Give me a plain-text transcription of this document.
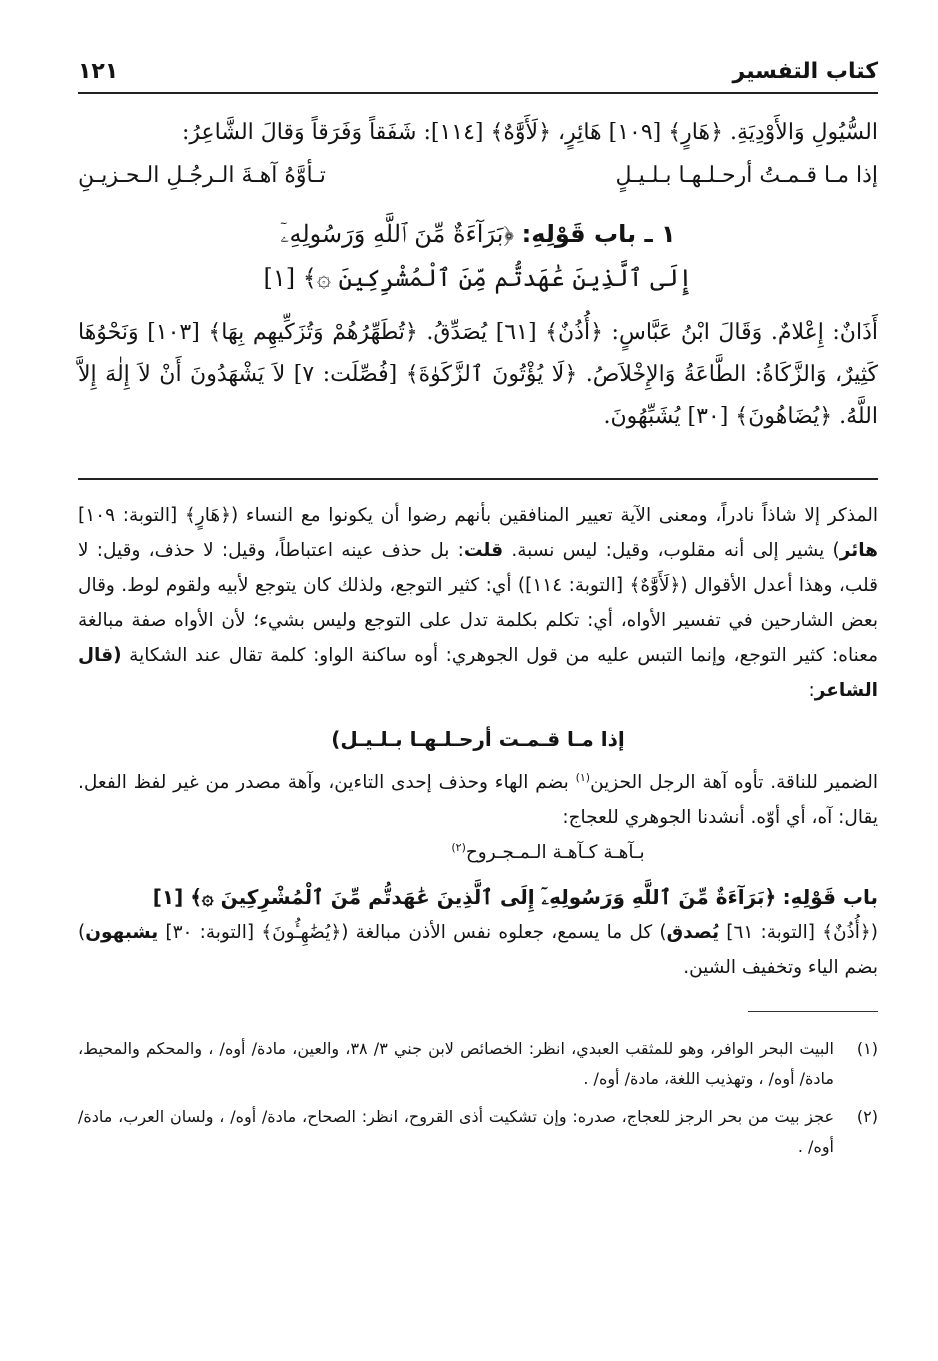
كتاب التفسير
١٢١

السُّيُولِ وَالأَوْدِيَةِ. ﴿هَارٍ﴾ [١٠٩] هَائِرٍ، ﴿لَأَوَّٰهٌ﴾ [١١٤]: شَفَقاً وَفَرَقاً وَقالَ الشَّاعِرُ:

إذا مـا قـمـتُ أرحـلـهـا بـلـيـلٍ
تـأوَّهُ آهـةَ الـرجُـلِ الـحـزيـنِ
١ ـ باب قَوْلِهِ: ﴿بَرَآءَةٌ مِّنَ ٱللَّهِ وَرَسُولِهِۦٓ
إِلَى ٱلَّذِينَ عَٰهَدتُّم مِّنَ ٱلْمُشْرِكِينَ ۞﴾ [١]

أَذَانٌ: إِعْلامٌ. وَقَالَ ابْنُ عَبَّاسٍ: ﴿أُذُنٌ﴾ [٦١] يُصَدِّقُ. ﴿تُطَهِّرُهُمْ وَتُزَكِّيهِم بِهَا﴾ [١٠٣] وَنَحْوُهَا كَثِيرٌ، وَالزَّكَاةُ: الطَّاعَةُ وَالإِخْلاَصُ. ﴿لَا يُؤْتُونَ ٱلزَّكَوٰةَ﴾ [فُصِّلَت: ٧] لاَ يَشْهَدُونَ أَنْ لاَ إِلٰهَ إِلاَّ اللَّهُ. ﴿يُضَاهُونَ﴾ [٣٠] يُشَبِّهُونَ.

المذكر إلا شاذاً نادراً، ومعنى الآية تعيير المنافقين بأنهم رضوا أن يكونوا مع النساء (﴿هَارٍ﴾ [التوبة: ١٠٩] هائر) يشير إلى أنه مقلوب، وقيل: ليس نسبة. قلت: بل حذف عينه اعتباطاً، وقيل: لا حذف، وقيل: لا قلب، وهذا أعدل الأقوال (﴿لَأَوَّٰهٌ﴾ [التوبة: ١١٤]) أي: كثير التوجع، ولذلك كان يتوجع لأبيه ولقوم لوط. وقال بعض الشارحين في تفسير الأواه، أي: تكلم بكلمة تدل على التوجع وليس بشيء؛ لأن الأواه صفة مبالغة معناه: كثير التوجع، وإنما التبس عليه من قول الجوهري: أوه ساكنة الواو: كلمة تقال عند الشكاية (قال الشاعر:

إذا مـا قـمـت أرحـلـهـا بـلـيـل)

الضمير للناقة. تأوه آهة الرجل الحزين$^{(١)}$ بضم الهاء وحذف إحدى التاءين، وآهة مصدر من غير لفظ الفعل. يقال: آه، أي أوّه. أنشدنا الجوهري للعجاج:

بـآهـة كـآهـة الـمـجـروح$^{(٢)}$

باب قَوْلِهِ: ﴿بَرَآءَةٌ مِّنَ ٱللَّهِ وَرَسُولِهِۦٓ إِلَى ٱلَّذِينَ عَٰهَدتُّم مِّنَ ٱلْمُشْرِكِينَ ۞﴾ [١]

(﴿أُذُنٌ﴾ [التوبة: ٦١] يُصدق) كل ما يسمع، جعلوه نفس الأذن مبالغة (﴿يُضَٰهِـُٔونَ﴾ [التوبة: ٣٠] يشبهون) بضم الياء وتخفيف الشين.

(١)
البيت البحر الوافر، وهو للمثقب العبدي، انظر: الخصائص لابن جني ٣/ ٣٨، والعين، مادة/ أوه/ ، والمحكم والمحيط، مادة/ أوه/ ، وتهذيب اللغة، مادة/ أوه/ .
(٢)
عجز بيت من بحر الرجز للعجاج، صدره: وإن تشكيت أذى القروح، انظر: الصحاح، مادة/ أوه/ ، ولسان العرب، مادة/ أوه/ .
